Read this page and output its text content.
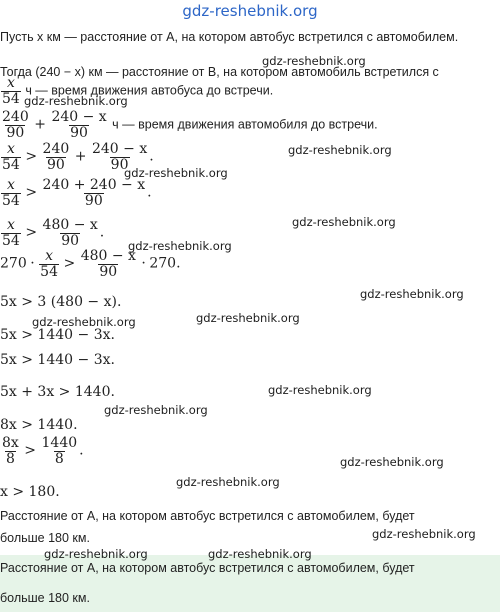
gdz-reshebnik.org
Пусть x км — расстояние от A, на котором автобус встретился с автомобилем.
Тогда (240 − x) км — расстояние от B, на котором автомобиль встретился с
$\frac{x}{54}$ ч — время движения автобуса до встречи.
$\frac{240}{90} + \frac{240 - x}{90}$ ч — время движения автомобиля до встречи.
$\frac{x}{54} > \frac{240}{90} + \frac{240 - x}{90}$ .
$\frac{x}{54} > \frac{240 + 240 - x}{90}$ .
$\frac{x}{54} > \frac{480 - x}{90}$ .
$270 \cdot \frac{x}{54} > \frac{480 - x}{90} \cdot 270$.
5x > 3 (480 − x).
5x > 1440 − 3x.
5x > 1440 − 3x.
5x + 3x > 1440.
8x > 1440.
$\frac{8x}{8} > \frac{1440}{8}$ .
x > 180.
Расстояние от A, на котором автобус встретился с автомобилем, будет
больше 180 км.
Расстояние от A, на котором автобус встретился с автомобилем, будет
больше 180 км.
gdz-reshebnik.org
gdz-reshebnik.org
gdz-reshebnik.org
gdz-reshebnik.org
gdz-reshebnik.org
gdz-reshebnik.org
gdz-reshebnik.org
gdz-reshebnik.org
gdz-reshebnik.org
gdz-reshebnik.org
gdz-reshebnik.org
gdz-reshebnik.org
gdz-reshebnik.org
gdz-reshebnik.org
gdz-reshebnik.org	gdz-reshebnik.org
